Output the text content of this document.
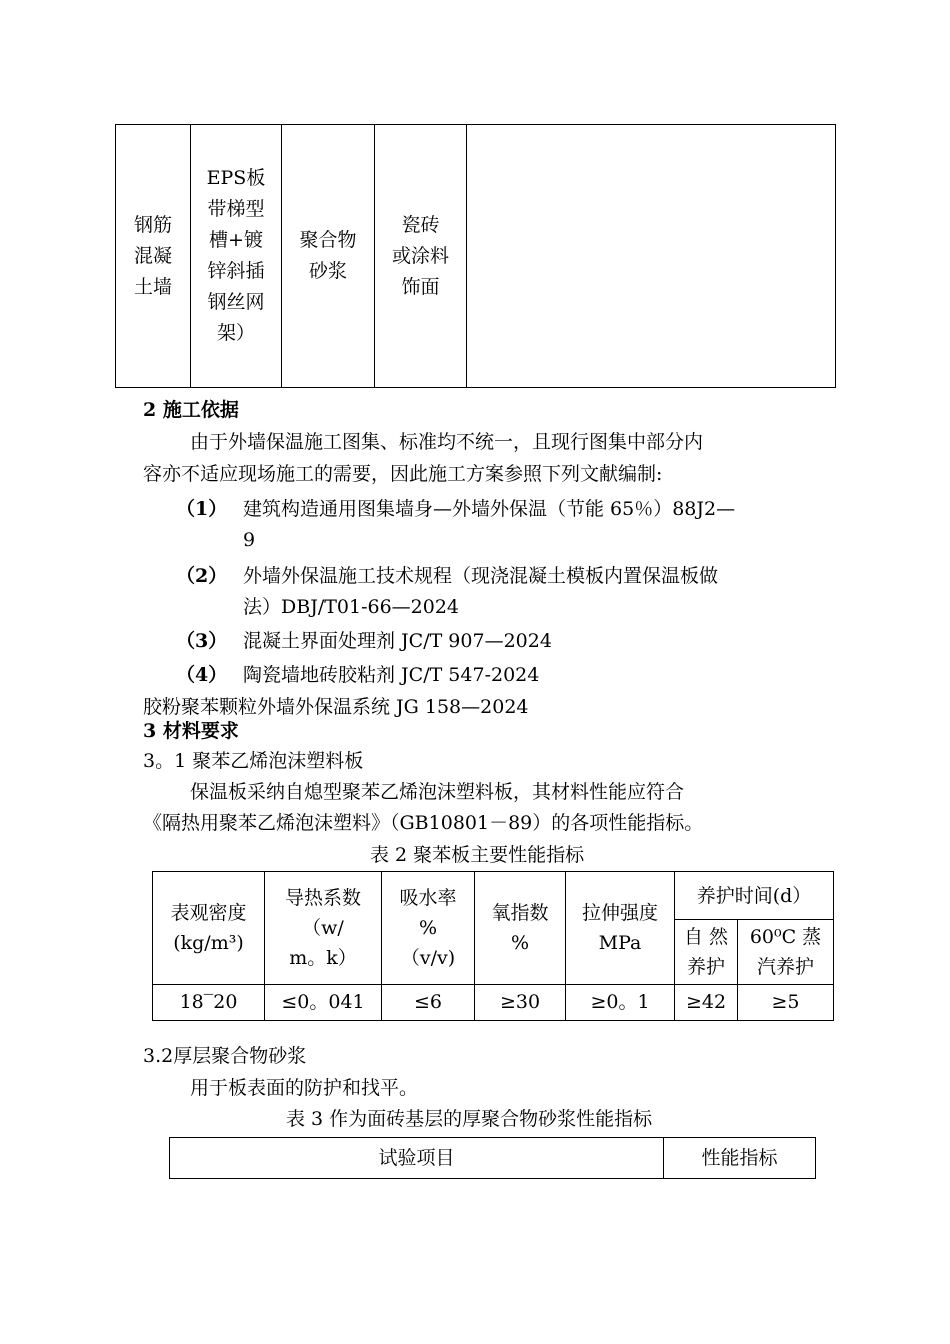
钢筋
混凝
土墙	EPS板
带梯型
槽+镀
锌斜插
钢丝网
架）	聚合物
砂浆	瓷砖
或涂料
饰面	
2 施工依据
由于外墙保温施工图集、标准均不统一，且现行图集中部分内
容亦不适应现场施工的需要，因此施工方案参照下列文献编制:
（1） 建筑构造通用图集墙身—外墙外保温（节能 65％）88J2—
9
（2） 外墙外保温施工技术规程（现浇混凝土模板内置保温板做
法）DBJ/T01-66—2024
（3） 混凝土界面处理剂 JC/T 907—2024
（4） 陶瓷墙地砖胶粘剂 JC/T 547-2024
胶粉聚苯颗粒外墙外保温系统 JG 158—2024
3 材料要求
3。1 聚苯乙烯泡沫塑料板
保温板采纳自熄型聚苯乙烯泡沫塑料板，其材料性能应符合
《隔热用聚苯乙烯泡沫塑料》（GB10801－89）的各项性能指标。
表 2 聚苯板主要性能指标
表观密度
(kg/m³)	导热系数
（w/
m。k）	吸水率
%
（v/v)	氧指数
%	拉伸强度
MPa	养护时间(d）	
					自 然
养护	60⁰C 蒸
汽养护
18‾20	≤0。041	≤6	≥30	≥0。1	≥42	≥5
3.2厚层聚合物砂浆
用于板表面的防护和找平。
表 3 作为面砖基层的厚聚合物砂浆性能指标
试验项目	性能指标
